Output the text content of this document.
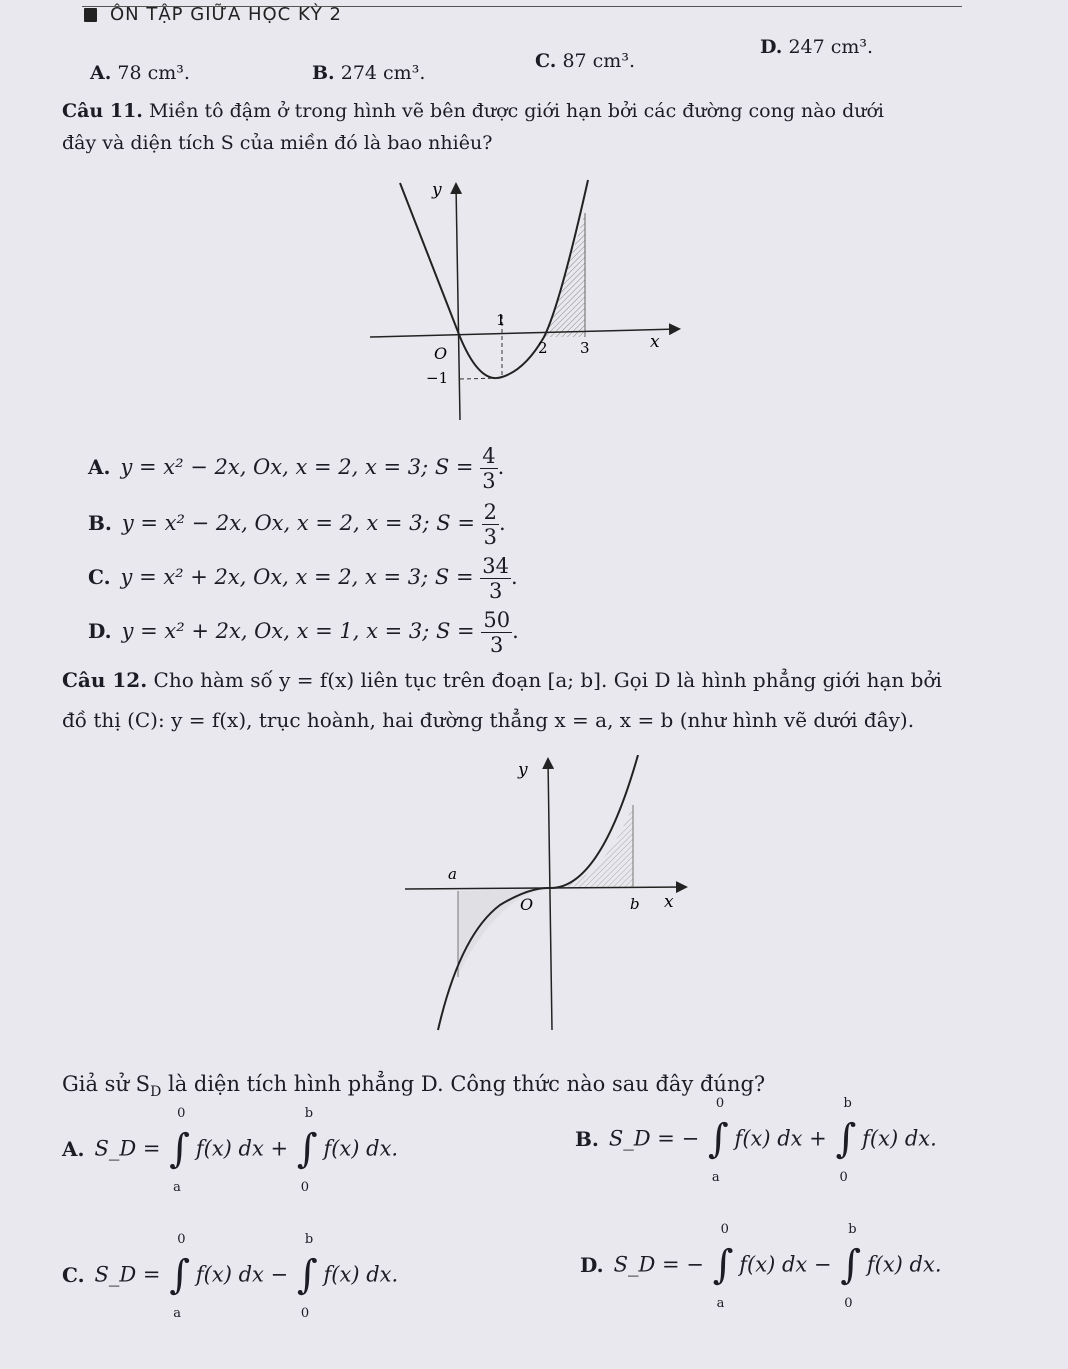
ÔN TẬP GIỮA HỌC KỲ 2
A. 78 cm³.	B. 274 cm³.
C. 87 cm³.
D. 247 cm³.
Câu 11. Miền tô đậm ở trong hình vẽ bên được giới hạn bởi các đường cong nào dưới
đây và diện tích S của miền đó là bao nhiêu?
y
x
O
1
2 3
−1
A. y = x² − 2x, Ox, x = 2, x = 3; $S = \frac{4}{3}$ .
B. y = x² − 2x, Ox, x = 2, x = 3; $S = \frac{2}{3}$ .
C. y = x² + 2x, Ox, x = 2, x = 3; $S = \frac{34}{3}$ .
D. y = x² + 2x, Ox, x = 1, x = 3; $S = \frac{50}{3}$ .
Câu 12. Cho hàm số y = f(x) liên tục trên đoạn [a; b]. Gọi D là hình phẳng giới hạn bởi
đồ thị (C): y = f(x), trục hoành, hai đường thẳng x = a, x = b (như hình vẽ dưới đây).
y
x
O
a
b
Giả sử $S_D$ là diện tích hình phẳng D. Công thức nào sau đây đúng?
A. S_D = ∫
0
a
f(x) dx + ∫
b
0
f(x) dx.	B. S_D = − ∫
0
a
f(x) dx + ∫
b
0
f(x) dx.
C. S_D = ∫
0
a
f(x) dx − ∫
b
0
f(x) dx.	D. S_D = − ∫
0
a
f(x) dx − ∫
b
0
f(x) dx.
